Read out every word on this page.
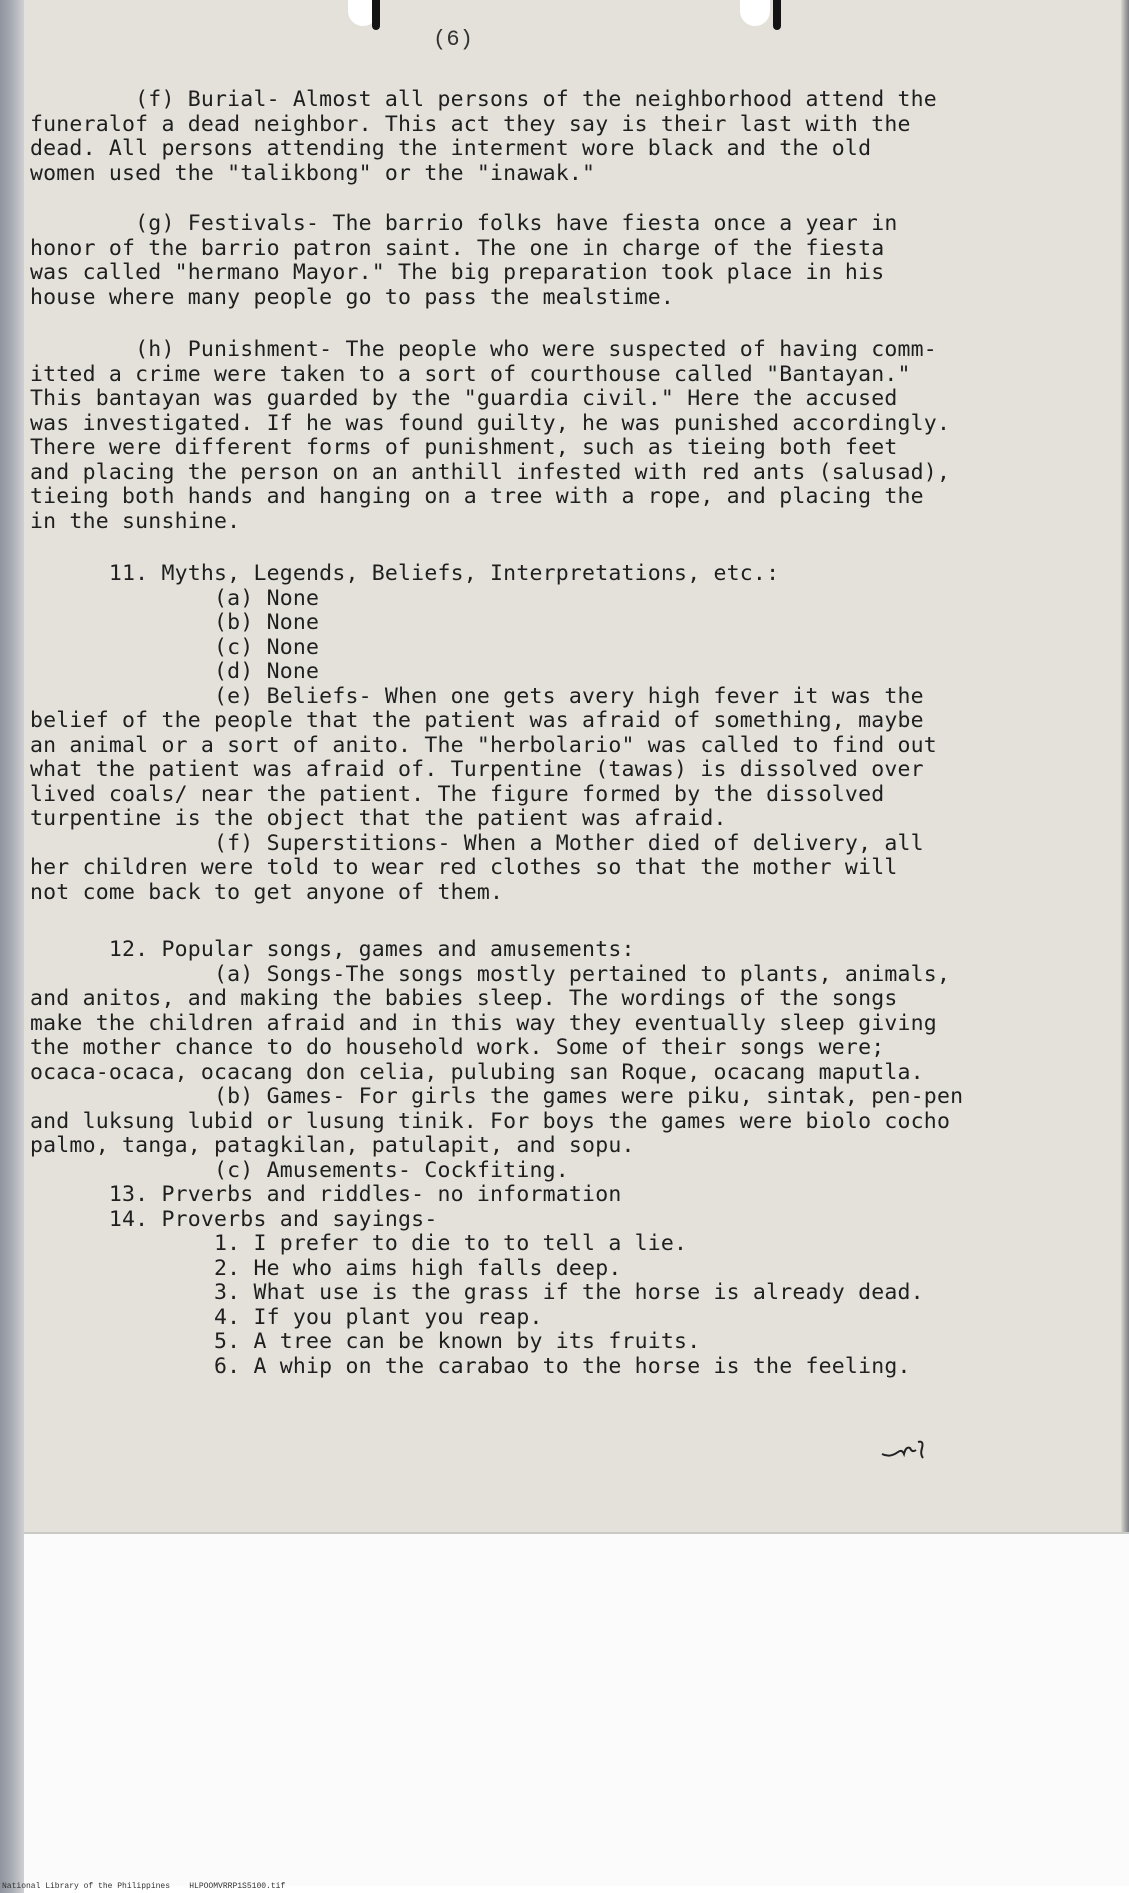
(6)

(f) Burial- Almost all persons of the neighborhood attend the
funeralof a dead neighbor. This act they say is their last with the
dead. All persons attending the interment wore black and the old
women used the "talikbong" or the "inawak."
(g) Festivals- The barrio folks have fiesta once a year in
honor of the barrio patron saint. The one in charge of the fiesta
was called "hermano Mayor." The big preparation took place in his
house where many people go to pass the mealstime.
(h) Punishment- The people who were suspected of having comm-
itted a crime were taken to a sort of courthouse called "Bantayan."
This bantayan was guarded by the "guardia civil." Here the accused
was investigated. If he was found guilty, he was punished accordingly.
There were different forms of punishment, such as tieing both feet
and placing the person on an anthill infested with red ants (salusad),
tieing both hands and hanging on a tree with a rope, and placing the
in the sunshine.
11. Myths, Legends, Beliefs, Interpretations, etc.:
(a) None
(b) None
(c) None
(d) None
(e) Beliefs- When one gets avery high fever it was the
belief of the people that the patient was afraid of something, maybe
an animal or a sort of anito. The "herbolario" was called to find out
what the patient was afraid of. Turpentine (tawas) is dissolved over
lived coals/ near the patient. The figure formed by the dissolved
turpentine is the object that the patient was afraid.
(f) Superstitions- When a Mother died of delivery, all
her children were told to wear red clothes so that the mother will
not come back to get anyone of them.
12. Popular songs, games and amusements:
(a) Songs-The songs mostly pertained to plants, animals,
and anitos, and making the babies sleep. The wordings of the songs
make the children afraid and in this way they eventually sleep giving
the mother chance to do household work. Some of their songs were;
ocaca-ocaca, ocacang don celia, pulubing san Roque, ocacang maputla.
(b) Games- For girls the games were piku, sintak, pen-pen
and luksung lubid or lusung tinik. For boys the games were biolo cocho
palmo, tanga, patagkilan, patulapit, and sopu.
(c) Amusements- Cockfiting.
13. Prverbs and riddles- no information
14. Proverbs and sayings-
1. I prefer to die to to tell a lie.
2. He who aims high falls deep.
3. What use is the grass if the horse is already dead.
4. If you plant you reap.
5. A tree can be known by its fruits.
6. A whip on the carabao to the horse is the feeling.
National Library of the Philippines    HLPOOMVRRP1S5100.tif
